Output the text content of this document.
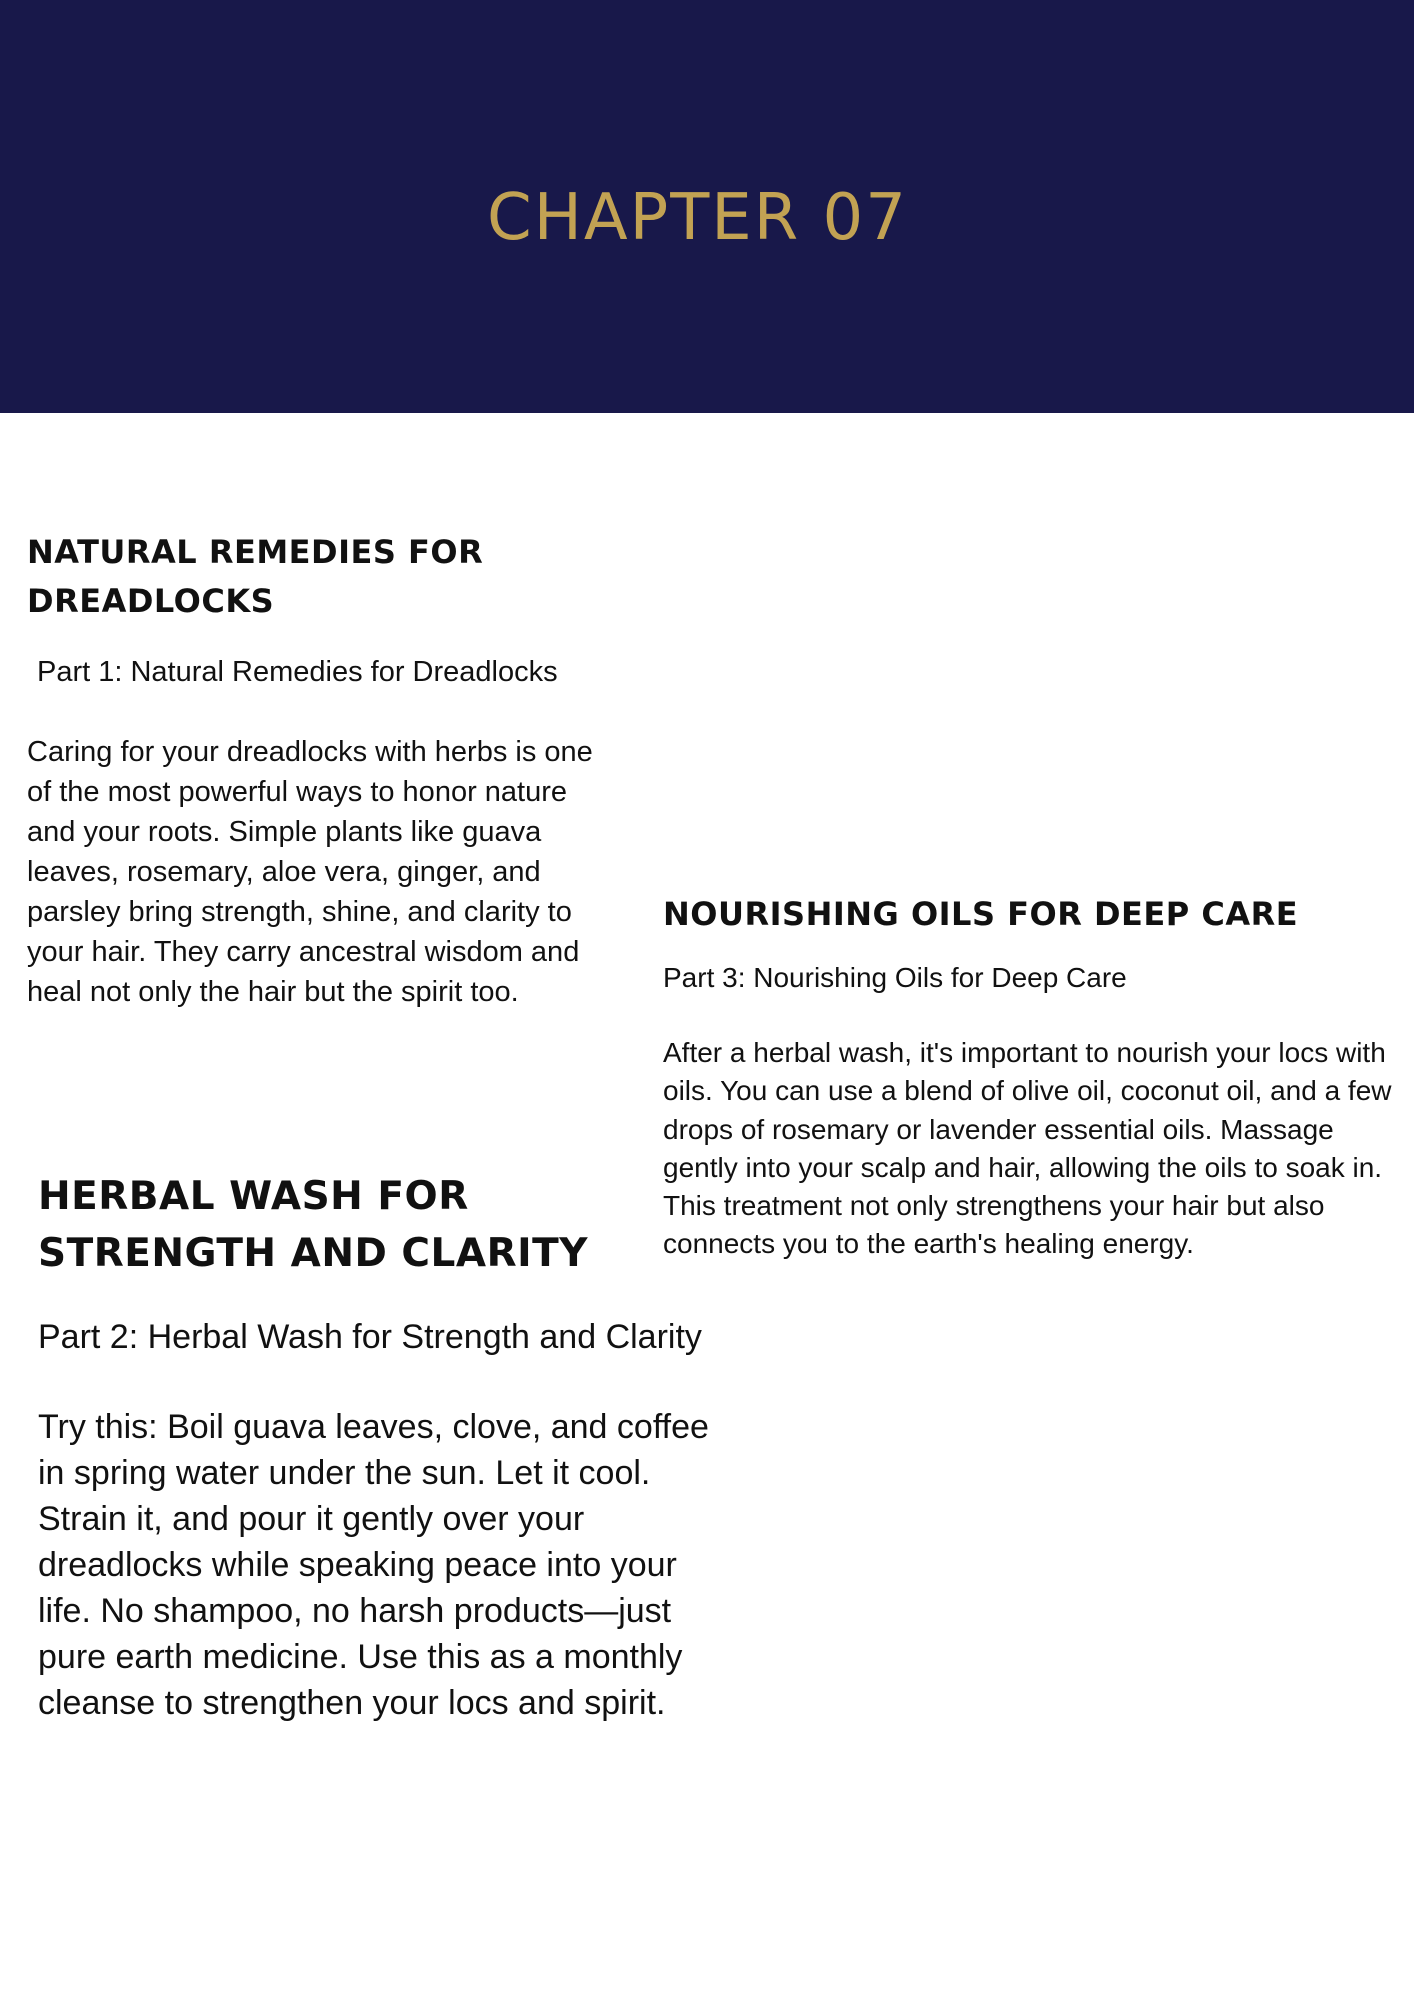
CHAPTER 07
NATURAL REMEDIES FOR DREADLOCKS

Part 1: Natural Remedies for Dreadlocks

Caring for your dreadlocks with herbs is one of the most powerful ways to honor nature and your roots. Simple plants like guava leaves, rosemary, aloe vera, ginger, and parsley bring strength, shine, and clarity to your hair. They carry ancestral wisdom and heal not only the hair but the spirit too.

HERBAL WASH FOR STRENGTH AND CLARITY

Part 2: Herbal Wash for Strength and Clarity

Try this: Boil guava leaves, clove, and coffee in spring water under the sun. Let it cool. Strain it, and pour it gently over your dreadlocks while speaking peace into your life. No shampoo, no harsh products—just pure earth medicine. Use this as a monthly cleanse to strengthen your locs and spirit.

NOURISHING OILS FOR DEEP CARE

Part 3: Nourishing Oils for Deep Care

After a herbal wash, it's important to nourish your locs with oils. You can use a blend of olive oil, coconut oil, and a few drops of rosemary or lavender essential oils. Massage gently into your scalp and hair, allowing the oils to soak in. This treatment not only strengthens your hair but also connects you to the earth's healing energy.
